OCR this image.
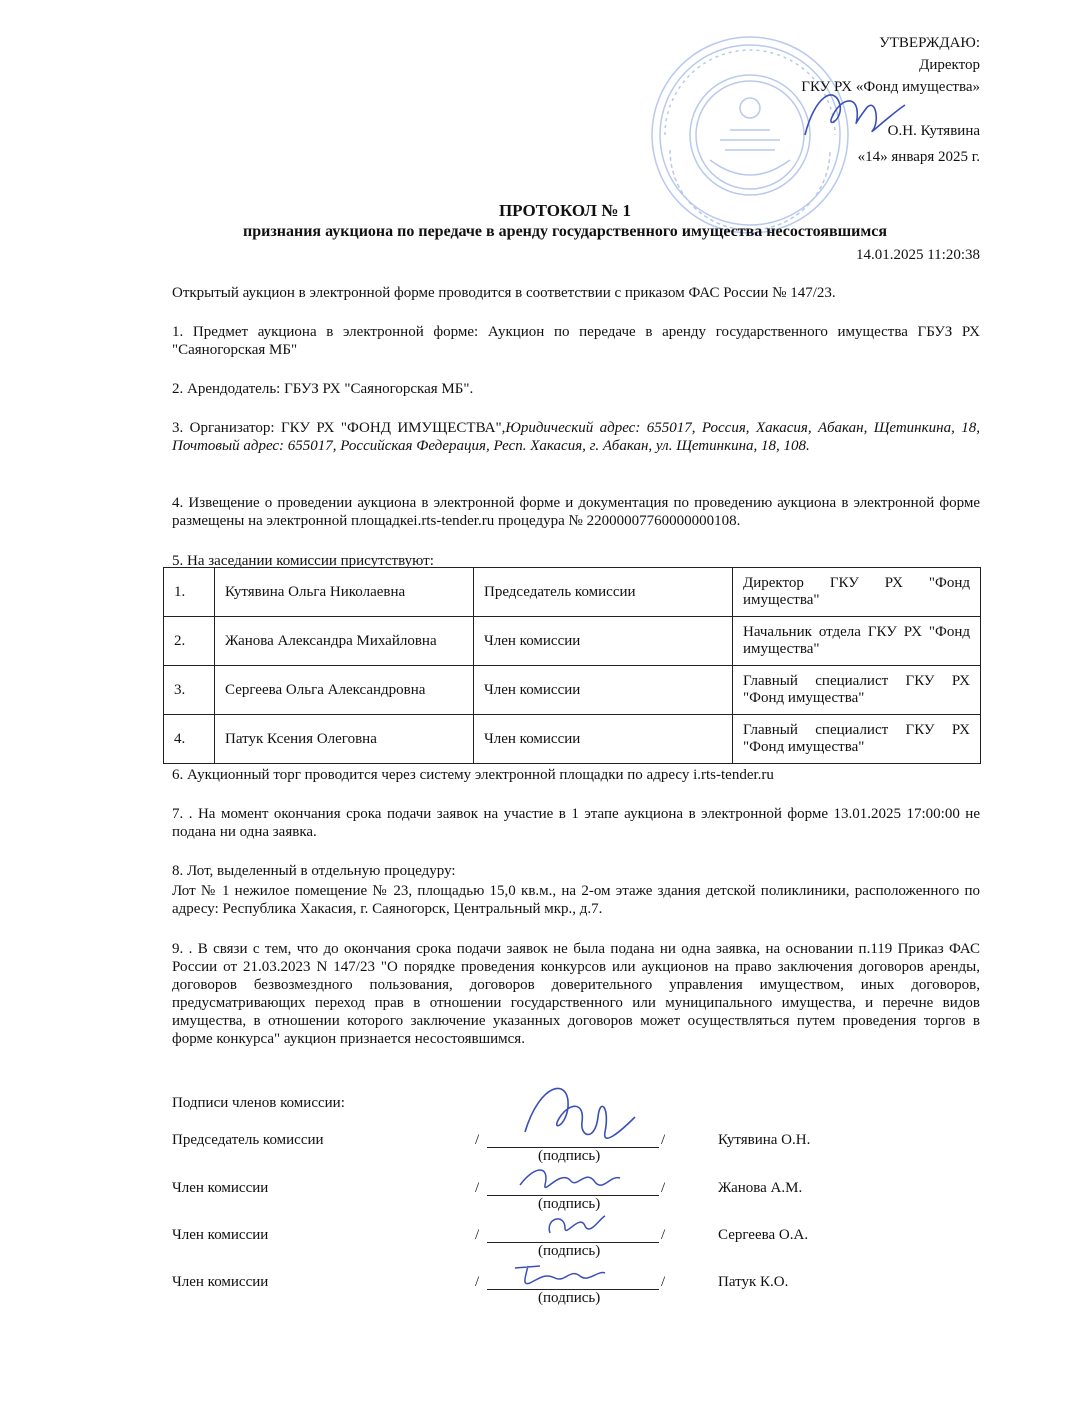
УТВЕРЖДАЮ:
Директор
ГКУ РХ «Фонд имущества»
О.Н. Кутявина
«14» января 2025 г.
ПРОТОКОЛ № 1
признания аукциона по передаче в аренду государственного имущества несостоявшимся
14.01.2025 11:20:38
Открытый аукцион в электронной форме проводится в соответствии с приказом ФАС России № 147/23.
1. Предмет аукциона в электронной форме: Аукцион по передаче в аренду государственного имущества ГБУЗ РХ "Саяногорская МБ"
2. Арендодатель: ГБУЗ РХ "Саяногорская МБ".
3. Организатор: ГКУ РХ "ФОНД ИМУЩЕСТВА",Юридический адрес: 655017, Россия, Хакасия, Абакан, Щетинкина, 18, Почтовый адрес: 655017, Российская Федерация, Респ. Хакасия, г. Абакан, ул. Щетинкина, 18, 108.
4. Извещение о проведении аукциона в электронной форме и документация по проведению аукциона в электронной форме размещены на электронной площадкеi.rts-tender.ru процедура № 22000007760000000108.
5. На заседании комиссии присутствуют:
1.	Кутявина Ольга Николаевна	Председатель комиссии	Директор ГКУ РХ "Фонд имущества"
2.	Жанова Александра Михайловна	Член комиссии	Начальник отдела ГКУ РХ "Фонд имущества"
3.	Сергеева Ольга Александровна	Член комиссии	Главный специалист ГКУ РХ "Фонд имущества"
4.	Патук Ксения Олеговна	Член комиссии	Главный специалист ГКУ РХ "Фонд имущества"
6. Аукционный торг проводится через систему электронной площадки по адресу i.rts-tender.ru
7. . На момент окончания срока подачи заявок на участие в 1 этапе аукциона в электронной форме 13.01.2025 17:00:00 не подана ни одна заявка.
8. Лот, выделенный в отдельную процедуру:
Лот № 1 нежилое помещение № 23, площадью 15,0 кв.м., на 2-ом этаже здания детской поликлиники, расположенного по адресу: Республика Хакасия, г. Саяногорск, Центральный мкр., д.7.
9. . В связи с тем, что до окончания срока подачи заявок не была подана ни одна заявка, на основании п.119 Приказ ФАС России от 21.03.2023 N 147/23 "О порядке проведения конкурсов или аукционов на право заключения договоров аренды, договоров безвозмездного пользования, договоров доверительного управления имуществом, иных договоров, предусматривающих переход прав в отношении государственного или муниципального имущества, и перечне видов имущества, в отношении которого заключение указанных договоров может осуществляться путем проведения торгов в форме конкурса" аукцион признается несостоявшимся.
Подписи членов комиссии:
Председатель комиссии	/	/
(подпись)
Кутявина О.Н.
Член комиссии	/	/
(подпись)
Жанова А.М.
Член комиссии	/	/
(подпись)
Сергеева О.А.
Член комиссии	/	/
(подпись)
Патук К.О.
